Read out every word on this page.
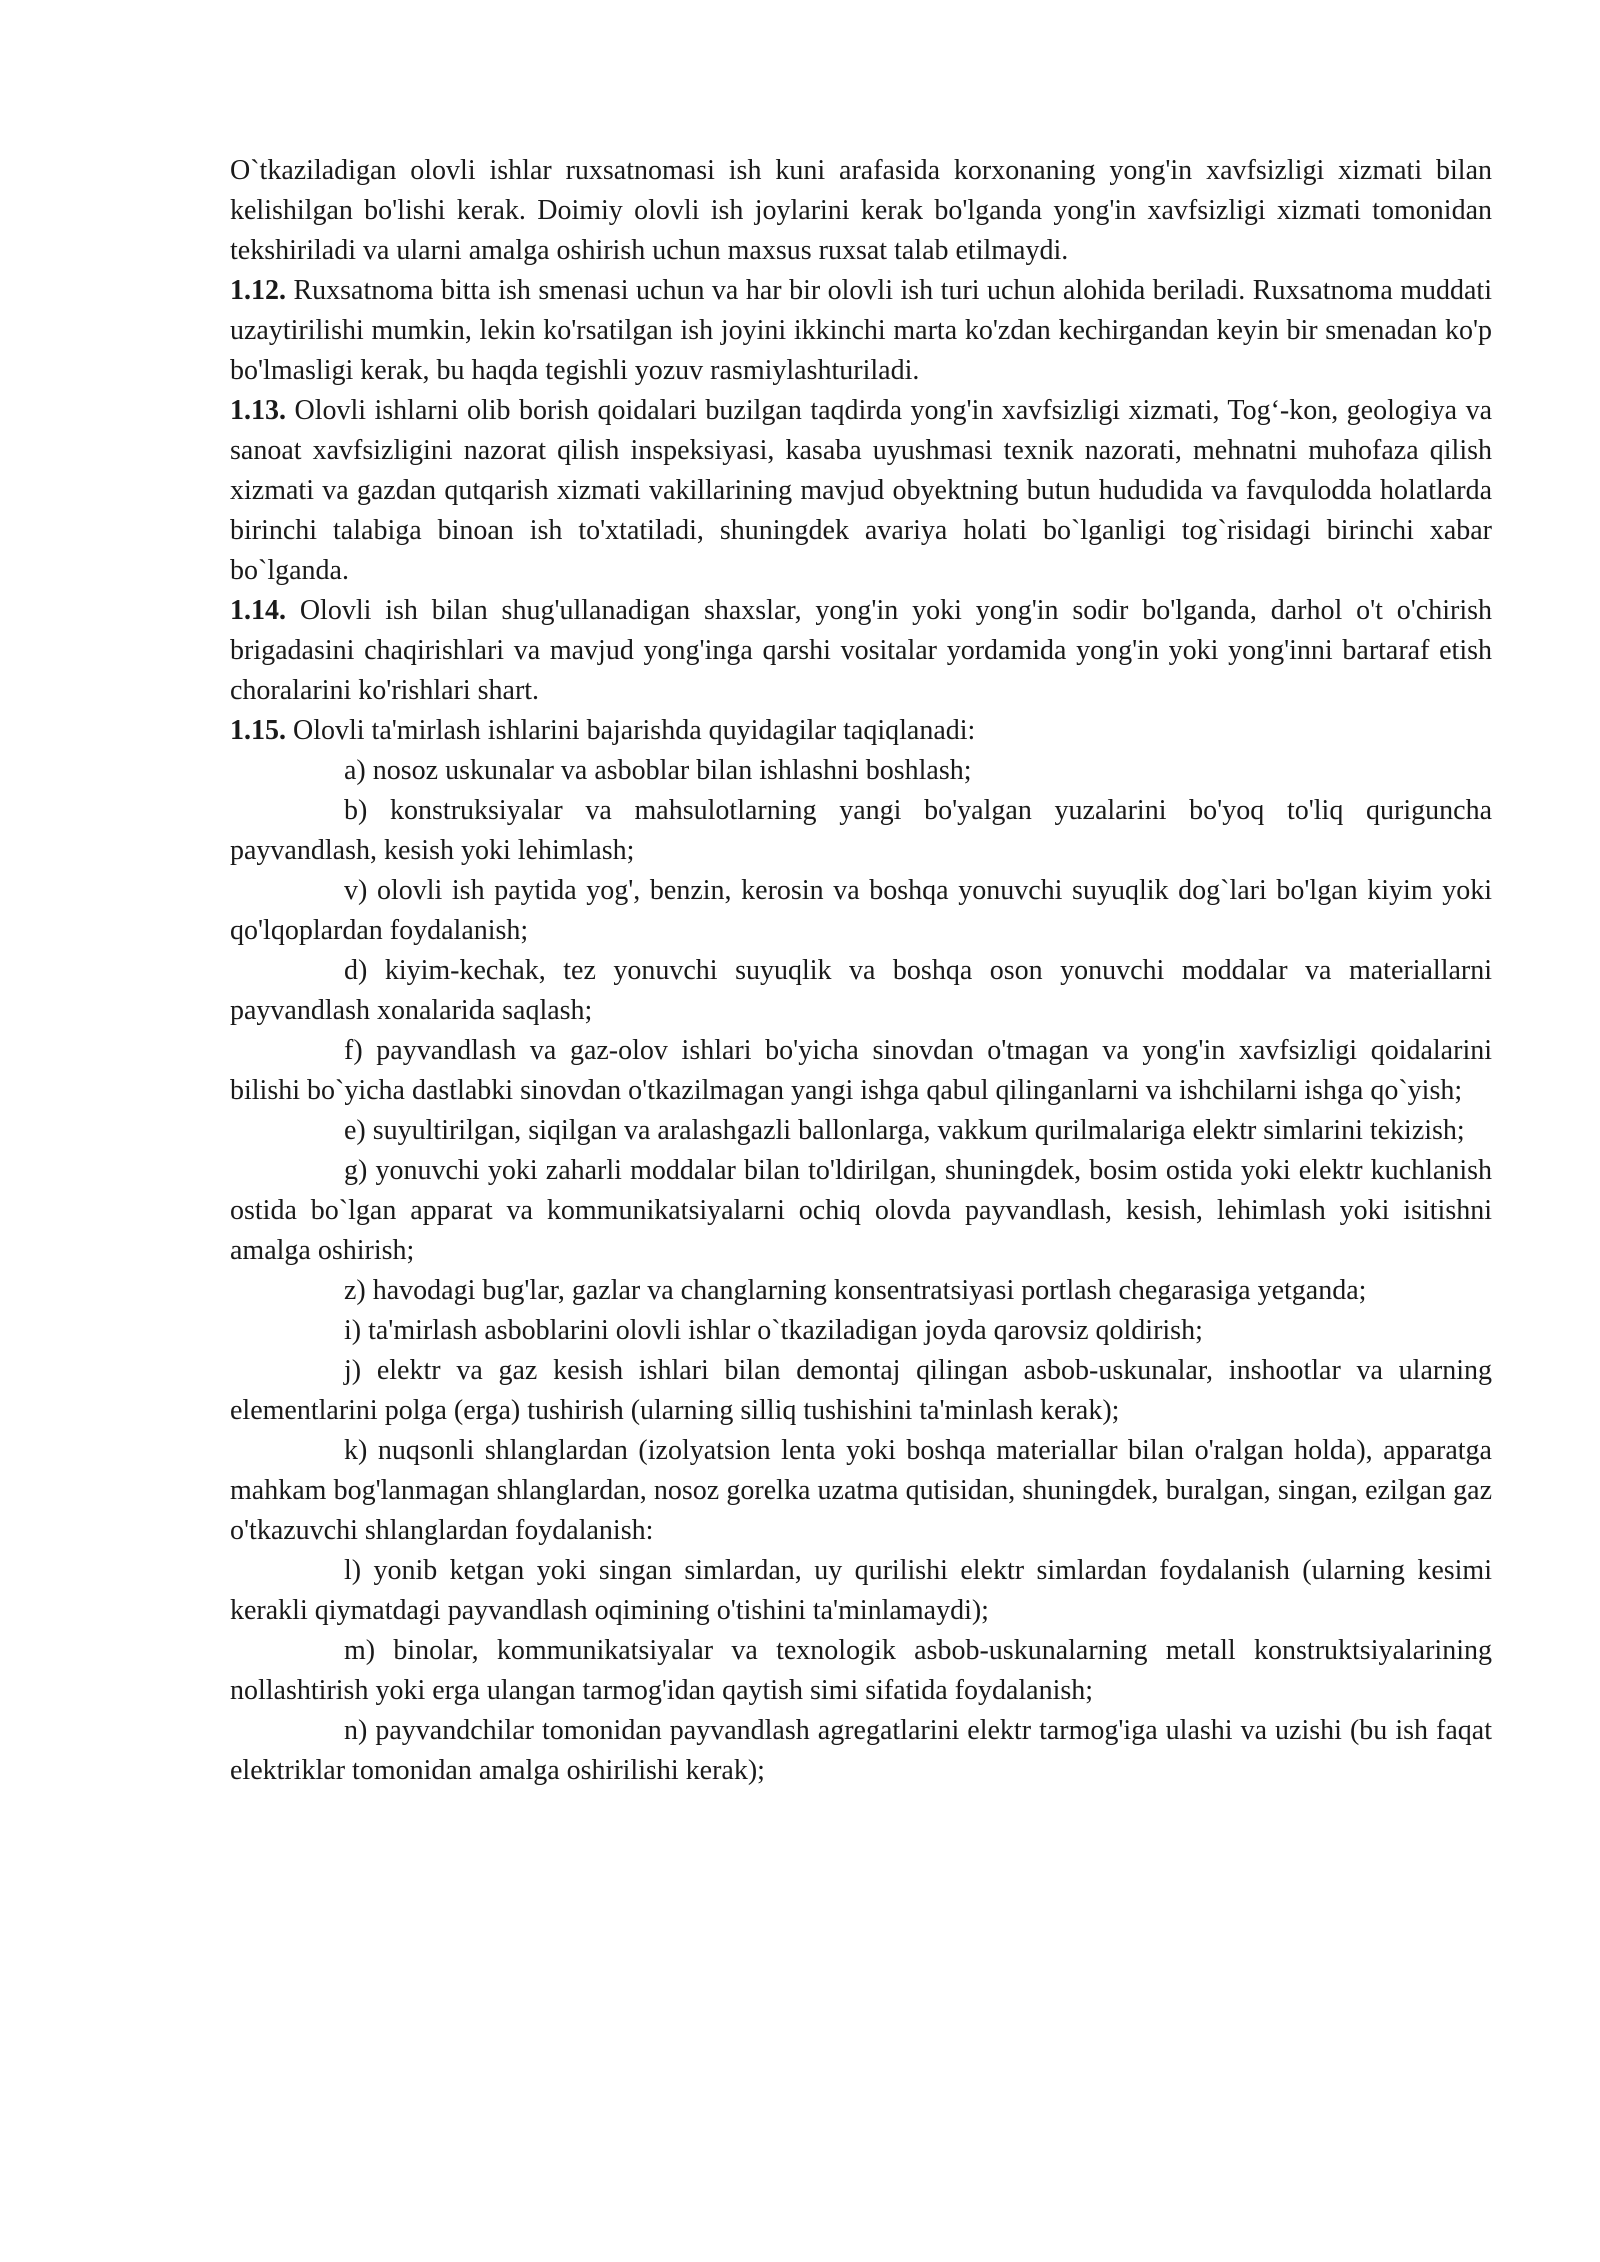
O`tkaziladigan olovli ishlar ruxsatnomasi ish kuni arafasida korxonaning yong'in xavfsizligi xizmati bilan kelishilgan bo'lishi kerak. Doimiy olovli ish joylarini kerak bo'lganda yong'in xavfsizligi xizmati tomonidan tekshiriladi va ularni amalga oshirish uchun maxsus ruxsat talab etilmaydi.

1.12. Ruxsatnoma bitta ish smenasi uchun va har bir olovli ish turi uchun alohida beriladi. Ruxsatnoma muddati uzaytirilishi mumkin, lekin ko'rsatilgan ish joyini ikkinchi marta ko'zdan kechirgandan keyin bir smenadan ko'p bo'lmasligi kerak, bu haqda tegishli yozuv rasmiylashturiladi.

1.13. Olovli ishlarni olib borish qoidalari buzilgan taqdirda yong'in xavfsizligi xizmati, Tog‘-kon, geologiya va sanoat xavfsizligini nazorat qilish inspeksiyasi, kasaba uyushmasi texnik nazorati, mehnatni muhofaza qilish xizmati va gazdan qutqarish xizmati vakillarining mavjud obyektning butun hududida va favqulodda holatlarda birinchi talabiga binoan ish to'xtatiladi, shuningdek avariya holati bo`lganligi tog`risidagi birinchi xabar bo`lganda.

1.14. Olovli ish bilan shug'ullanadigan shaxslar, yong'in yoki yong'in sodir bo'lganda, darhol o't o'chirish brigadasini chaqirishlari va mavjud yong'inga qarshi vositalar yordamida yong'in yoki yong'inni bartaraf etish choralarini ko'rishlari shart.

1.15. Olovli ta'mirlash ishlarini bajarishda quyidagilar taqiqlanadi:

a) nosoz uskunalar va asboblar bilan ishlashni boshlash;

b) konstruksiyalar va mahsulotlarning yangi bo'yalgan yuzalarini bo'yoq to'liq qurigunchа payvandlash, kesish yoki lehimlash;

v) olovli ish paytida yog', benzin, kerosin va boshqa yonuvchi suyuqlik dog`lari bo'lgan kiyim yoki qo'lqoplardan foydalanish;

d) kiyim-kechak, tez yonuvchi suyuqlik va boshqa oson yonuvchi moddalar va materiallarni payvandlash xonalarida saqlash;

f) payvandlash va gaz-olov ishlari bo'yicha sinovdan o'tmagan va yong'in xavfsizligi qoidalarini bilishi bo`yicha dastlabki sinovdan o'tkazilmagan yangi ishga qabul qilinganlarni va ishchilarni ishga qo`yish;

e) suyultirilgan, siqilgan va aralashgazli ballonlarga, vakkum qurilmalariga elektr simlarini tekizish;

g) yonuvchi yoki zaharli moddalar bilan to'ldirilgan, shuningdek, bosim ostida yoki elektr kuchlanish ostida bo`lgan apparat va kommunikatsiyalarni ochiq olovda payvandlash, kesish, lehimlash yoki isitishni amalga oshirish;

z) havodagi bug'lar, gazlar va changlarning konsentratsiyasi portlash chegarasiga yetganda;

i) ta'mirlash asboblarini olovli ishlar o`tkaziladigan joyda qarovsiz qoldirish;

j) elektr va gaz kesish ishlari bilan demontaj qilingan asbob-uskunalar, inshootlar va ularning elementlarini polga (erga) tushirish (ularning silliq tushishini ta'minlash kerak);

k) nuqsonli shlanglardan (izolyatsion lenta yoki boshqa materiallar bilan o'ralgan holda), apparatga mahkam bog'lanmagan shlanglardan, nosoz gorelka uzatma qutisidan, shuningdek, buralgan, singan, ezilgan gaz o'tkazuvchi shlanglardan foydalanish:

l) yonib ketgan yoki singan simlardan, uy qurilishi elektr simlardan foydalanish (ularning kesimi kerakli qiymatdagi payvandlash oqimining o'tishini ta'minlamaydi);

m) binolar, kommunikatsiyalar va texnologik asbob-uskunalarning metall konstruktsiyalarining nollashtirish yoki erga ulangan tarmog'idan qaytish simi sifatida foydalanish;

n) payvandchilar tomonidan payvandlash agregatlarini elektr tarmog'iga ulashi va uzishi (bu ish faqat elektriklar tomonidan amalga oshirilishi kerak);
